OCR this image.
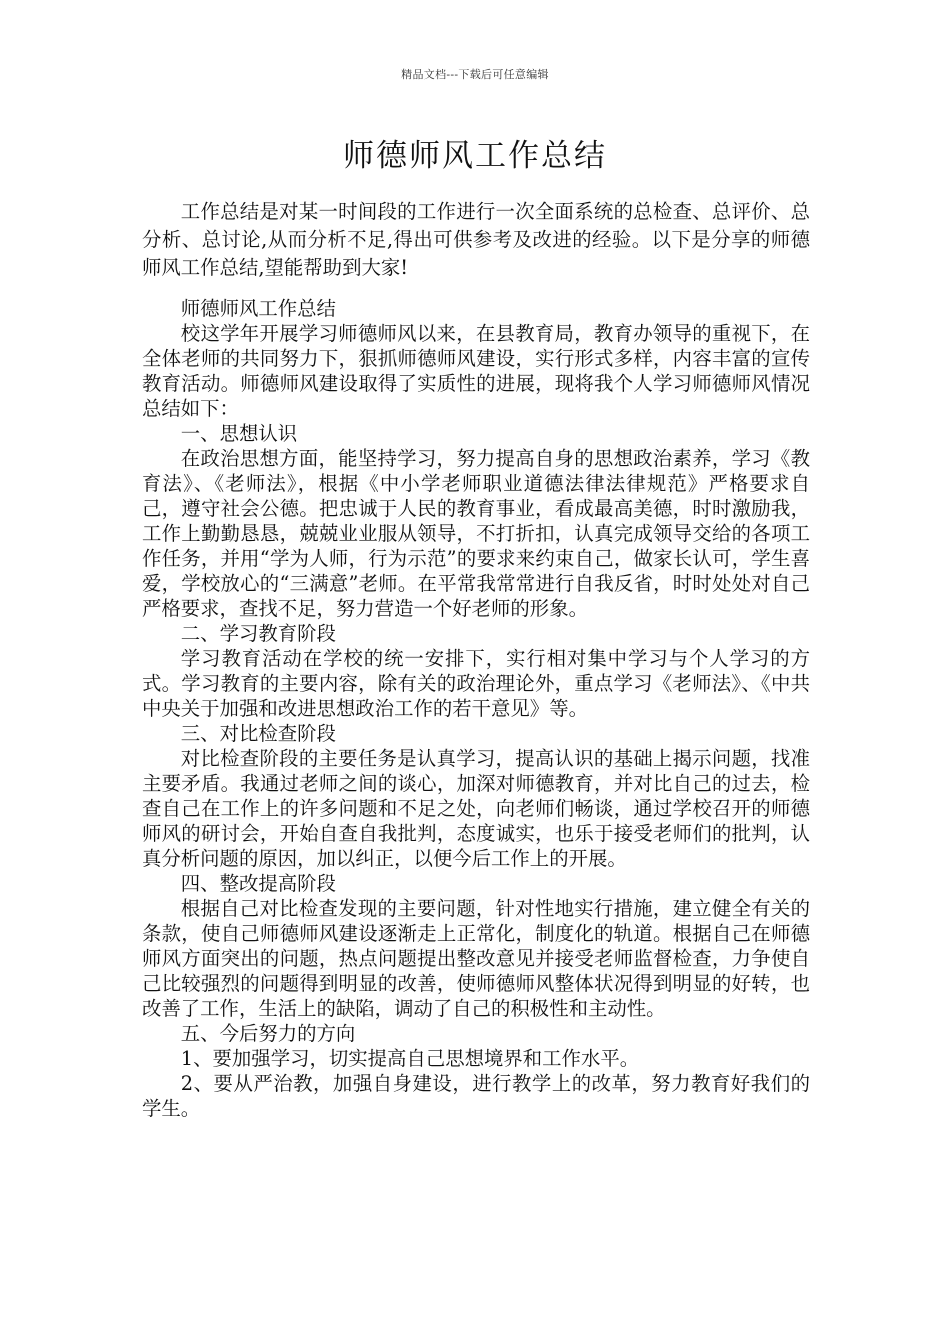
精品文档---下载后可任意编辑
师德师风工作总结

工作总结是对某一时间段的工作进行一次全面系统的总检查、总评价、总分析、总讨论,从而分析不足,得出可供参考及改进的经验。以下是分享的师德师风工作总结,望能帮助到大家!

师德师风工作总结

校这学年开展学习师德师风以来，在县教育局，教育办领导的重视下，在全体老师的共同努力下，狠抓师德师风建设，实行形式多样，内容丰富的宣传教育活动。师德师风建设取得了实质性的进展，现将我个人学习师德师风情况总结如下：

一、思想认识

在政治思想方面，能坚持学习，努力提高自身的思想政治素养，学习《教育法》、《老师法》，根据《中小学老师职业道德法律法律规范》严格要求自己，遵守社会公德。把忠诚于人民的教育事业，看成最高美德，时时激励我，工作上勤勤恳恳，兢兢业业服从领导，不打折扣，认真完成领导交给的各项工作任务，并用“学为人师，行为示范”的要求来约束自己，做家长认可，学生喜爱，学校放心的“三满意”老师。在平常我常常进行自我反省，时时处处对自己严格要求，查找不足，努力营造一个好老师的形象。

二、学习教育阶段

学习教育活动在学校的统一安排下，实行相对集中学习与个人学习的方式。学习教育的主要内容，除有关的政治理论外，重点学习《老师法》、《中共中央关于加强和改进思想政治工作的若干意见》等。

三、对比检查阶段

对比检查阶段的主要任务是认真学习，提高认识的基础上揭示问题，找准主要矛盾。我通过老师之间的谈心，加深对师德教育，并对比自己的过去，检查自己在工作上的许多问题和不足之处，向老师们畅谈，通过学校召开的师德师风的研讨会，开始自查自我批判，态度诚实，也乐于接受老师们的批判，认真分析问题的原因，加以纠正，以便今后工作上的开展。

四、整改提高阶段

根据自己对比检查发现的主要问题，针对性地实行措施，建立健全有关的条款，使自己师德师风建设逐渐走上正常化，制度化的轨道。根据自己在师德师风方面突出的问题，热点问题提出整改意见并接受老师监督检查，力争使自己比较强烈的问题得到明显的改善，使师德师风整体状况得到明显的好转，也改善了工作，生活上的缺陷，调动了自己的积极性和主动性。

五、今后努力的方向

1、要加强学习，切实提高自己思想境界和工作水平。

2、要从严治教，加强自身建设，进行教学上的改革，努力教育好我们的学生。
